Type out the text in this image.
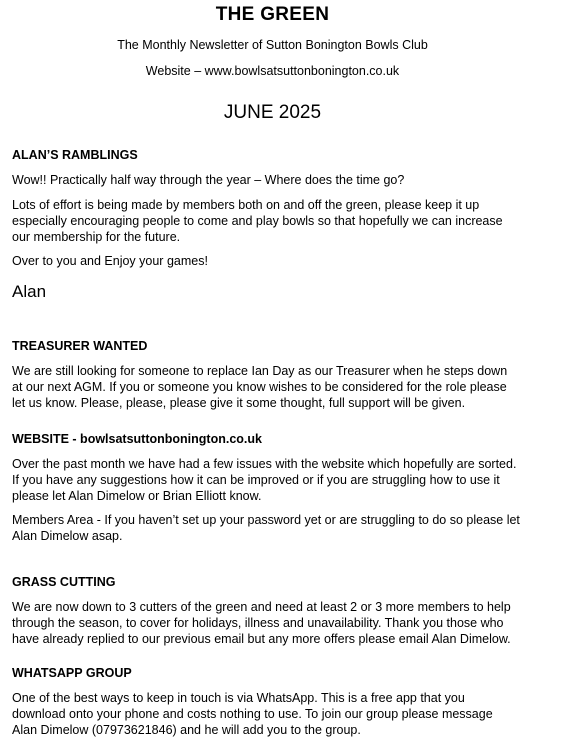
THE GREEN
The Monthly Newsletter of Sutton Bonington Bowls Club
Website – www.bowlsatsuttonbonington.co.uk
JUNE 2025
ALAN’S RAMBLINGS
Wow!! Practically half way through the year – Where does the time go?
Lots of effort is being made by members both on and off the green, please keep it up
especially encouraging people to come and play bowls so that hopefully we can increase
our membership for the future.
Over to you and Enjoy your games!
Alan
TREASURER WANTED
We are still looking for someone to replace Ian Day as our Treasurer when he steps down
at our next AGM. If you or someone you know wishes to be considered for the role please
let us know. Please, please, please give it some thought, full support will be given.
WEBSITE - bowlsatsuttonbonington.co.uk
Over the past month we have had a few issues with the website which hopefully are sorted.
If you have any suggestions how it can be improved or if you are struggling how to use it
please let Alan Dimelow or Brian Elliott know.
Members Area - If you haven’t set up your password yet or are struggling to do so please let
Alan Dimelow asap.
GRASS CUTTING
We are now down to 3 cutters of the green and need at least 2 or 3 more members to help
through the season, to cover for holidays, illness and unavailability. Thank you those who
have already replied to our previous email but any more offers please email Alan Dimelow.
WHATSAPP GROUP
One of the best ways to keep in touch is via WhatsApp. This is a free app that you
download onto your phone and costs nothing to use. To join our group please message
Alan Dimelow (07973621846) and he will add you to the group.
